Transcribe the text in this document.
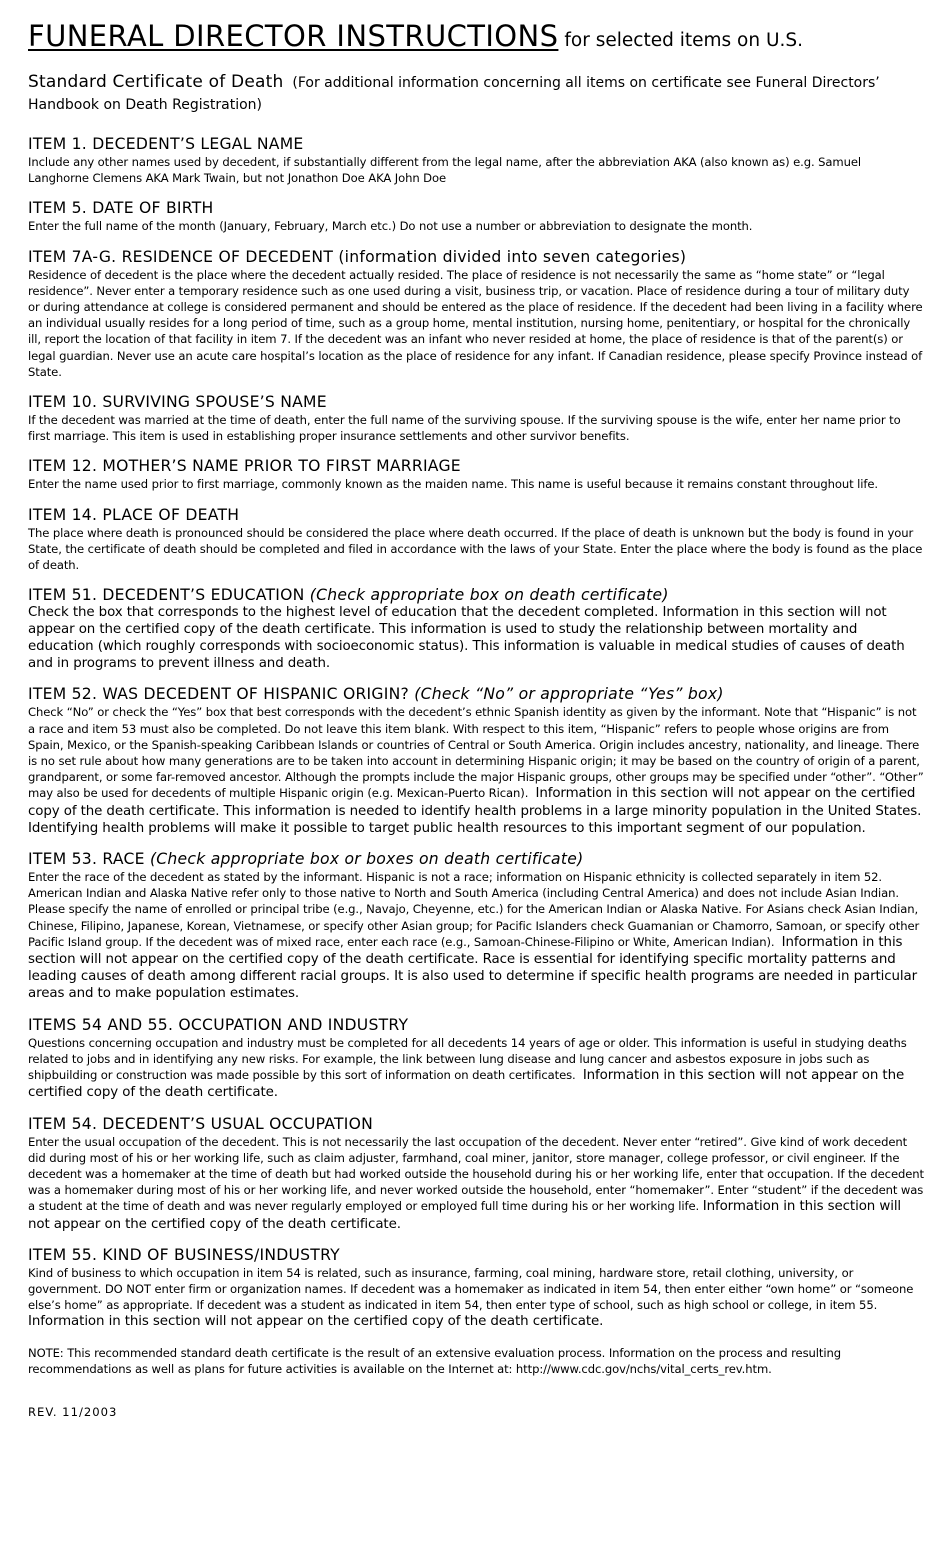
FUNERAL DIRECTOR INSTRUCTIONS for selected items on U.S.

Standard Certificate of Death (For additional information concerning all items on certificate see Funeral Directors’ Handbook on Death Registration)

ITEM 1. DECEDENT’S LEGAL NAME

Include any other names used by decedent, if substantially different from the legal name, after the abbreviation AKA (also known as) e.g. Samuel Langhorne Clemens AKA Mark Twain, but not Jonathon Doe AKA John Doe

ITEM 5. DATE OF BIRTH

Enter the full name of the month (January, February, March etc.) Do not use a number or abbreviation to designate the month.

ITEM 7A-G. RESIDENCE OF DECEDENT (information divided into seven categories)

Residence of decedent is the place where the decedent actually resided. The place of residence is not necessarily the same as “home state” or “legal residence”. Never enter a temporary residence such as one used during a visit, business trip, or vacation. Place of residence during a tour of military duty or during attendance at college is considered permanent and should be entered as the place of residence. If the decedent had been living in a facility where an individual usually resides for a long period of time, such as a group home, mental institution, nursing home, penitentiary, or hospital for the chronically ill, report the location of that facility in item 7. If the decedent was an infant who never resided at home, the place of residence is that of the parent(s) or legal guardian. Never use an acute care hospital’s location as the place of residence for any infant. If Canadian residence, please specify Province instead of State.

ITEM 10. SURVIVING SPOUSE’S NAME

If the decedent was married at the time of death, enter the full name of the surviving spouse. If the surviving spouse is the wife, enter her name prior to first marriage. This item is used in establishing proper insurance settlements and other survivor benefits.

ITEM 12. MOTHER’S NAME PRIOR TO FIRST MARRIAGE

Enter the name used prior to first marriage, commonly known as the maiden name. This name is useful because it remains constant throughout life.

ITEM 14. PLACE OF DEATH

The place where death is pronounced should be considered the place where death occurred. If the place of death is unknown but the body is found in your State, the certificate of death should be completed and filed in accordance with the laws of your State. Enter the place where the body is found as the place of death.

ITEM 51. DECEDENT’S EDUCATION (Check appropriate box on death certificate)

Check the box that corresponds to the highest level of education that the decedent completed. Information in this section will not appear on the certified copy of the death certificate. This information is used to study the relationship between mortality and education (which roughly corresponds with socioeconomic status). This information is valuable in medical studies of causes of death and in programs to prevent illness and death.

ITEM 52. WAS DECEDENT OF HISPANIC ORIGIN? (Check “No” or appropriate “Yes” box)

Check “No” or check the “Yes” box that best corresponds with the decedent’s ethnic Spanish identity as given by the informant. Note that “Hispanic” is not a race and item 53 must also be completed. Do not leave this item blank. With respect to this item, “Hispanic” refers to people whose origins are from Spain, Mexico, or the Spanish-speaking Caribbean Islands or countries of Central or South America. Origin includes ancestry, nationality, and lineage. There is no set rule about how many generations are to be taken into account in determining Hispanic origin; it may be based on the country of origin of a parent, grandparent, or some far-removed ancestor. Although the prompts include the major Hispanic groups, other groups may be specified under “other”. “Other” may also be used for decedents of multiple Hispanic origin (e.g. Mexican-Puerto Rican). Information in this section will not appear on the certified copy of the death certificate. This information is needed to identify health problems in a large minority population in the United States. Identifying health problems will make it possible to target public health resources to this important segment of our population.

ITEM 53. RACE (Check appropriate box or boxes on death certificate)

Enter the race of the decedent as stated by the informant. Hispanic is not a race; information on Hispanic ethnicity is collected separately in item 52. American Indian and Alaska Native refer only to those native to North and South America (including Central America) and does not include Asian Indian. Please specify the name of enrolled or principal tribe (e.g., Navajo, Cheyenne, etc.) for the American Indian or Alaska Native. For Asians check Asian Indian, Chinese, Filipino, Japanese, Korean, Vietnamese, or specify other Asian group; for Pacific Islanders check Guamanian or Chamorro, Samoan, or specify other Pacific Island group. If the decedent was of mixed race, enter each race (e.g., Samoan-Chinese-Filipino or White, American Indian). Information in this section will not appear on the certified copy of the death certificate. Race is essential for identifying specific mortality patterns and leading causes of death among different racial groups. It is also used to determine if specific health programs are needed in particular areas and to make population estimates.

ITEMS 54 AND 55. OCCUPATION AND INDUSTRY

Questions concerning occupation and industry must be completed for all decedents 14 years of age or older. This information is useful in studying deaths related to jobs and in identifying any new risks. For example, the link between lung disease and lung cancer and asbestos exposure in jobs such as shipbuilding or construction was made possible by this sort of information on death certificates. Information in this section will not appear on the certified copy of the death certificate.

ITEM 54. DECEDENT’S USUAL OCCUPATION

Enter the usual occupation of the decedent. This is not necessarily the last occupation of the decedent. Never enter “retired”. Give kind of work decedent did during most of his or her working life, such as claim adjuster, farmhand, coal miner, janitor, store manager, college professor, or civil engineer. If the decedent was a homemaker at the time of death but had worked outside the household during his or her working life, enter that occupation. If the decedent was a homemaker during most of his or her working life, and never worked outside the household, enter “homemaker”. Enter “student” if the decedent was a student at the time of death and was never regularly employed or employed full time during his or her working life. Information in this section will not appear on the certified copy of the death certificate.

ITEM 55. KIND OF BUSINESS/INDUSTRY

Kind of business to which occupation in item 54 is related, such as insurance, farming, coal mining, hardware store, retail clothing, university, or government. DO NOT enter firm or organization names. If decedent was a homemaker as indicated in item 54, then enter either “own home” or “someone else’s home” as appropriate. If decedent was a student as indicated in item 54, then enter type of school, such as high school or college, in item 55.  Information in this section will not appear on the certified copy of the death certificate.

NOTE: This recommended standard death certificate is the result of an extensive evaluation process. Information on the process and resulting recommendations as well as plans for future activities is available on the Internet at: http://www.cdc.gov/nchs/vital_certs_rev.htm.

REV. 11/2003
